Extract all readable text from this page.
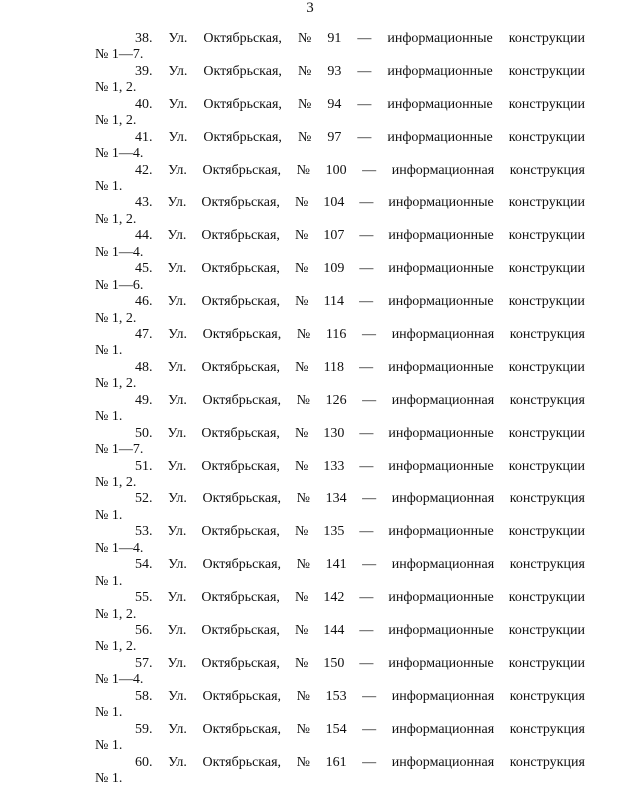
3
38. Ул. Октябрьская, № 91 — информационные конструкции
№ 1—7.
39. Ул. Октябрьская, № 93 — информационные конструкции
№ 1, 2.
40. Ул. Октябрьская, № 94 — информационные конструкции
№ 1, 2.
41. Ул. Октябрьская, № 97 — информационные конструкции
№ 1—4.
42. Ул. Октябрьская, № 100 — информационная конструкция
№ 1.
43. Ул. Октябрьская, № 104 — информационные конструкции
№ 1, 2.
44. Ул. Октябрьская, № 107 — информационные конструкции
№ 1—4.
45. Ул. Октябрьская, № 109 — информационные конструкции
№ 1—6.
46. Ул. Октябрьская, № 114 — информационные конструкции
№ 1, 2.
47. Ул. Октябрьская, № 116 — информационная конструкция
№ 1.
48. Ул. Октябрьская, № 118 — информационные конструкции
№ 1, 2.
49. Ул. Октябрьская, № 126 — информационная конструкция
№ 1.
50. Ул. Октябрьская, № 130 — информационные конструкции
№ 1—7.
51. Ул. Октябрьская, № 133 — информационные конструкции
№ 1, 2.
52. Ул. Октябрьская, № 134 — информационная конструкция
№ 1.
53. Ул. Октябрьская, № 135 — информационные конструкции
№ 1—4.
54. Ул. Октябрьская, № 141 — информационная конструкция
№ 1.
55. Ул. Октябрьская, № 142 — информационные конструкции
№ 1, 2.
56. Ул. Октябрьская, № 144 — информационные конструкции
№ 1, 2.
57. Ул. Октябрьская, № 150 — информационные конструкции
№ 1—4.
58. Ул. Октябрьская, № 153 — информационная конструкция
№ 1.
59. Ул. Октябрьская, № 154 — информационная конструкция
№ 1.
60. Ул. Октябрьская, № 161 — информационная конструкция
№ 1.
